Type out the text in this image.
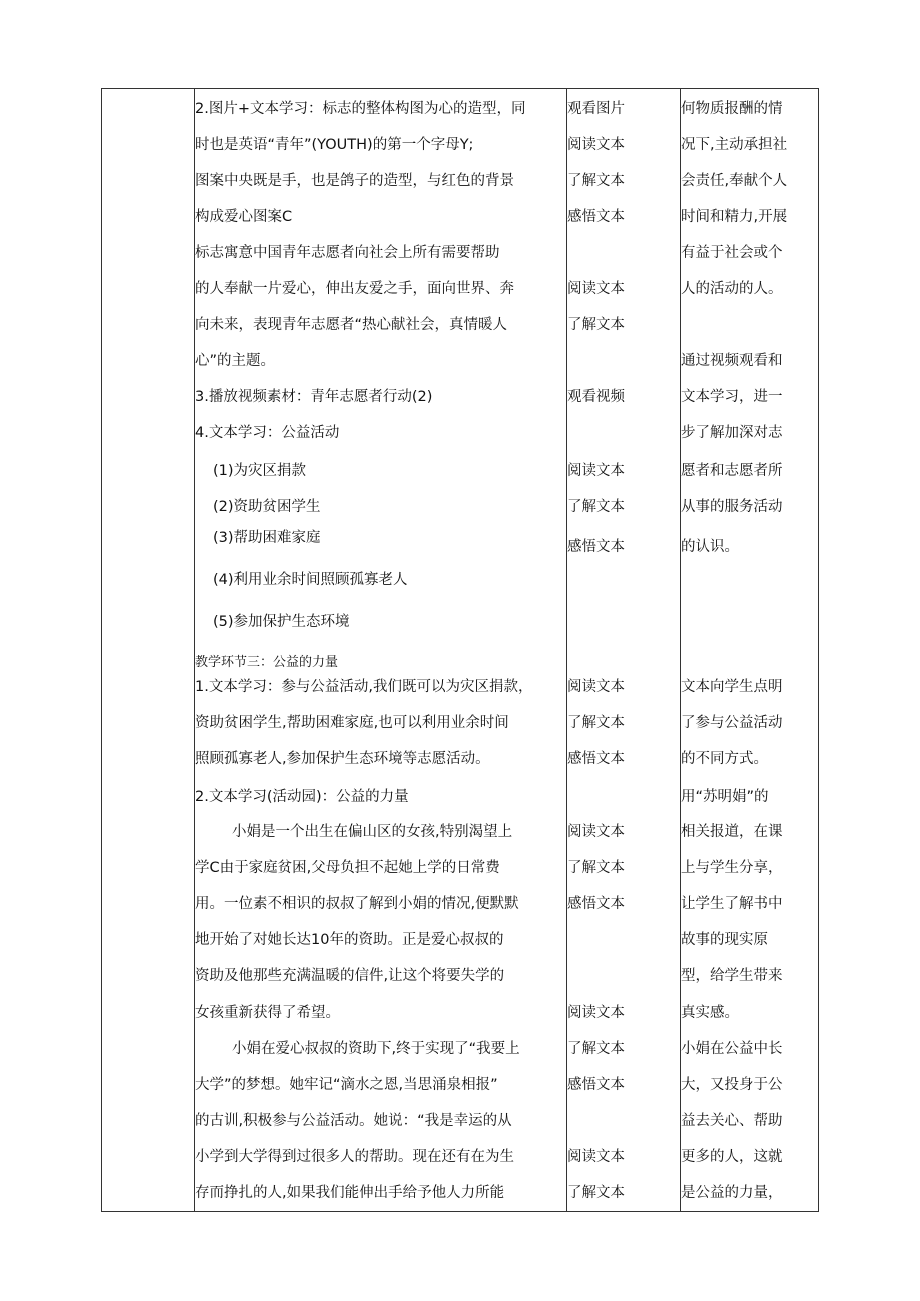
2.图片+文本学习：标志的整体构图为心的造型，同
时也是英语“青年”(YOUTH)的第一个字母Y;
图案中央既是手，也是鸽子的造型，与红色的背景
构成爱心图案C
标志寓意中国青年志愿者向社会上所有需要帮助
的人奉献一片爱心，伸出友爱之手，面向世界、奔
向未来，表现青年志愿者“热心献社会，真情暖人
心”的主题。
3.播放视频素材：青年志愿者行动(2)
4.文本学习：公益活动
(1)为灾区捐款
(2)资助贫困学生
(3)帮助困难家庭
(4)利用业余时间照顾孤寡老人
(5)参加保护生态环境
教学环节三：公益的力量
1.文本学习：参与公益活动,我们既可以为灾区捐款，
资助贫困学生,帮助困难家庭,也可以利用业余时间
照顾孤寡老人,参加保护生态环境等志愿活动。
2.文本学习(活动园)：公益的力量
小娟是一个出生在偏山区的女孩,特别渴望上
学C由于家庭贫困,父母负担不起她上学的日常费
用。一位素不相识的叔叔了解到小娟的情况,便默默
地开始了对她长达10年的资助。正是爱心叔叔的
资助及他那些充满温暖的信件,让这个将要失学的
女孩重新获得了希望。
小娟在爱心叔叔的资助下,终于实现了“我要上
大学”的梦想。她牢记“滴水之恩,当思涌泉相报”
的古训,积极参与公益活动。她说：“我是幸运的从
小学到大学得到过很多人的帮助。现在还有在为生
存而挣扎的人,如果我们能伸出手给予他人力所能
观看图片
阅读文本
了解文本
感悟文本
阅读文本
了解文本
观看视频
阅读文本
了解文本
感悟文本
阅读文本
了解文本
感悟文本
阅读文本
了解文本
感悟文本
阅读文本
了解文本
感悟文本
阅读文本
了解文本
何物质报酬的情
况下,主动承担社
会责任,奉献个人
时间和精力,开展
有益于社会或个
人的活动的人。
通过视频观看和
文本学习，进一
步了解加深对志
愿者和志愿者所
从事的服务活动
的认识。
文本向学生点明
了参与公益活动
的不同方式。
用“苏明娟”的
相关报道，在课
上与学生分享，
让学生了解书中
故事的现实原
型，给学生带来
真实感。
小娟在公益中长
大，又投身于公
益去关心、帮助
更多的人，这就
是公益的力量，
